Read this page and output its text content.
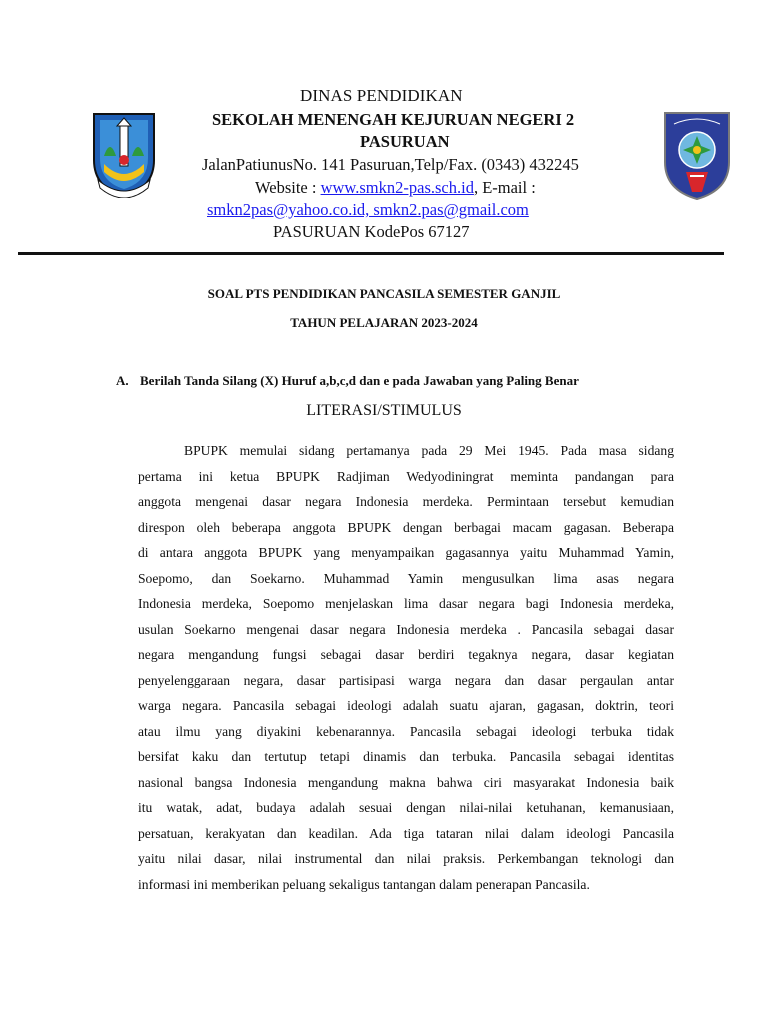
DINAS PENDIDIKAN
SEKOLAH MENENGAH KEJURUAN NEGERI 2
PASURUAN
JalanPatiunusNo. 141 Pasuruan,Telp/Fax. (0343) 432245
Website : www.smkn2-pas.sch.id, E-mail :
smkn2pas@yahoo.co.id, smkn2.pas@gmail.com
PASURUAN KodePos 67127
SOAL PTS PENDIDIKAN PANCASILA SEMESTER GANJIL
TAHUN PELAJARAN 2023-2024
A. Berilah Tanda Silang (X) Huruf a,b,c,d dan e pada Jawaban yang Paling Benar
LITERASI/STIMULUS
BPUPK memulai sidang pertamanya pada 29 Mei 1945. Pada masa sidang
pertama ini ketua BPUPK Radjiman Wedyodiningrat meminta pandangan para
anggota mengenai dasar negara Indonesia merdeka. Permintaan tersebut kemudian
direspon oleh beberapa anggota BPUPK dengan berbagai macam gagasan. Beberapa
di antara anggota BPUPK yang menyampaikan gagasannya yaitu Muhammad Yamin,
Soepomo, dan Soekarno. Muhammad Yamin mengusulkan lima asas negara
Indonesia merdeka, Soepomo menjelaskan lima dasar negara bagi Indonesia merdeka,
usulan Soekarno mengenai dasar negara Indonesia merdeka . Pancasila sebagai dasar
negara mengandung fungsi sebagai dasar berdiri tegaknya negara, dasar kegiatan
penyelenggaraan negara, dasar partisipasi warga negara dan dasar pergaulan antar
warga negara. Pancasila sebagai ideologi adalah suatu ajaran, gagasan, doktrin, teori
atau ilmu yang diyakini kebenarannya. Pancasila sebagai ideologi terbuka tidak
bersifat kaku dan tertutup tetapi dinamis dan terbuka. Pancasila sebagai identitas
nasional bangsa Indonesia mengandung makna bahwa ciri masyarakat Indonesia baik
itu watak, adat, budaya adalah sesuai dengan nilai-nilai ketuhanan, kemanusiaan,
persatuan, kerakyatan dan keadilan. Ada tiga tataran nilai dalam ideologi Pancasila
yaitu nilai dasar, nilai instrumental dan nilai praksis. Perkembangan teknologi dan
informasi ini memberikan peluang sekaligus tantangan dalam penerapan Pancasila.
